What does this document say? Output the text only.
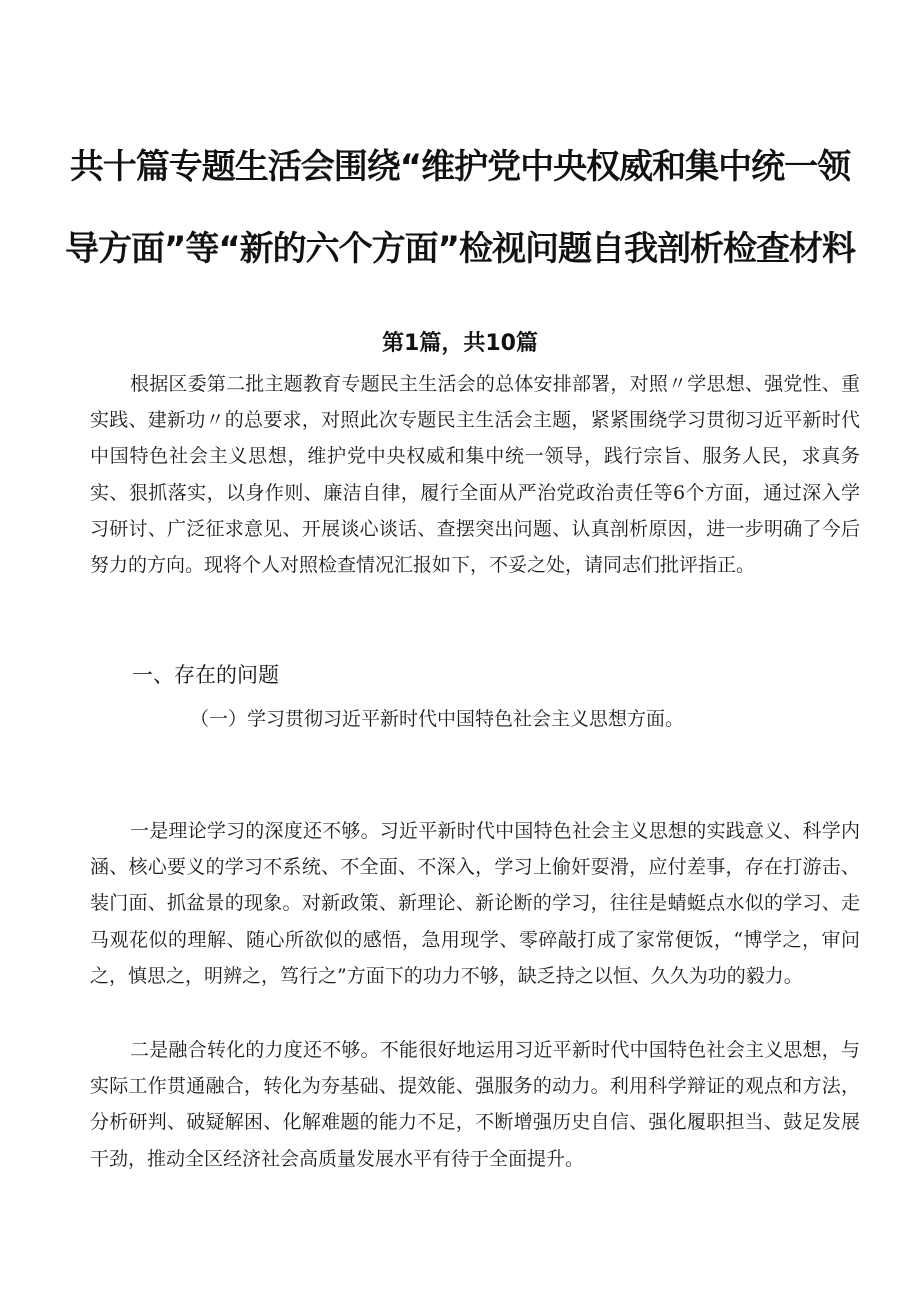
共十篇专题生活会围绕“维护党中央权威和集中统一领
导方面”等“新的六个方面”检视问题自我剖析检查材料
第1篇，共10篇

根据区委第二批主题教育专题民主生活会的总体安排部署，对照〃学思想、强党性、重实践、建新功〃的总要求，对照此次专题民主生活会主题，紧紧围绕学习贯彻习近平新时代中国特色社会主义思想，维护党中央权威和集中统一领导，践行宗旨、服务人民，求真务实、狠抓落实，以身作则、廉洁自律，履行全面从严治党政治责任等6个方面，通过深入学习研讨、广泛征求意见、开展谈心谈话、查摆突出问题、认真剖析原因，进一步明确了今后努力的方向。现将个人对照检查情况汇报如下，不妥之处，请同志们批评指正。

一、存在的问题
（一）学习贯彻习近平新时代中国特色社会主义思想方面。

一是理论学习的深度还不够。习近平新时代中国特色社会主义思想的实践意义、科学内涵、核心要义的学习不系统、不全面、不深入，学习上偷奸耍滑，应付差事，存在打游击、装门面、抓盆景的现象。对新政策、新理论、新论断的学习，往往是蜻蜓点水似的学习、走马观花似的理解、随心所欲似的感悟，急用现学、零碎敲打成了家常便饭，“博学之，审问之，慎思之，明辨之，笃行之”方面下的功力不够，缺乏持之以恒、久久为功的毅力。

二是融合转化的力度还不够。不能很好地运用习近平新时代中国特色社会主义思想，与实际工作贯通融合，转化为夯基础、提效能、强服务的动力。利用科学辩证的观点和方法，分析研判、破疑解困、化解难题的能力不足，不断增强历史自信、强化履职担当、鼓足发展干劲，推动全区经济社会高质量发展水平有待于全面提升。
